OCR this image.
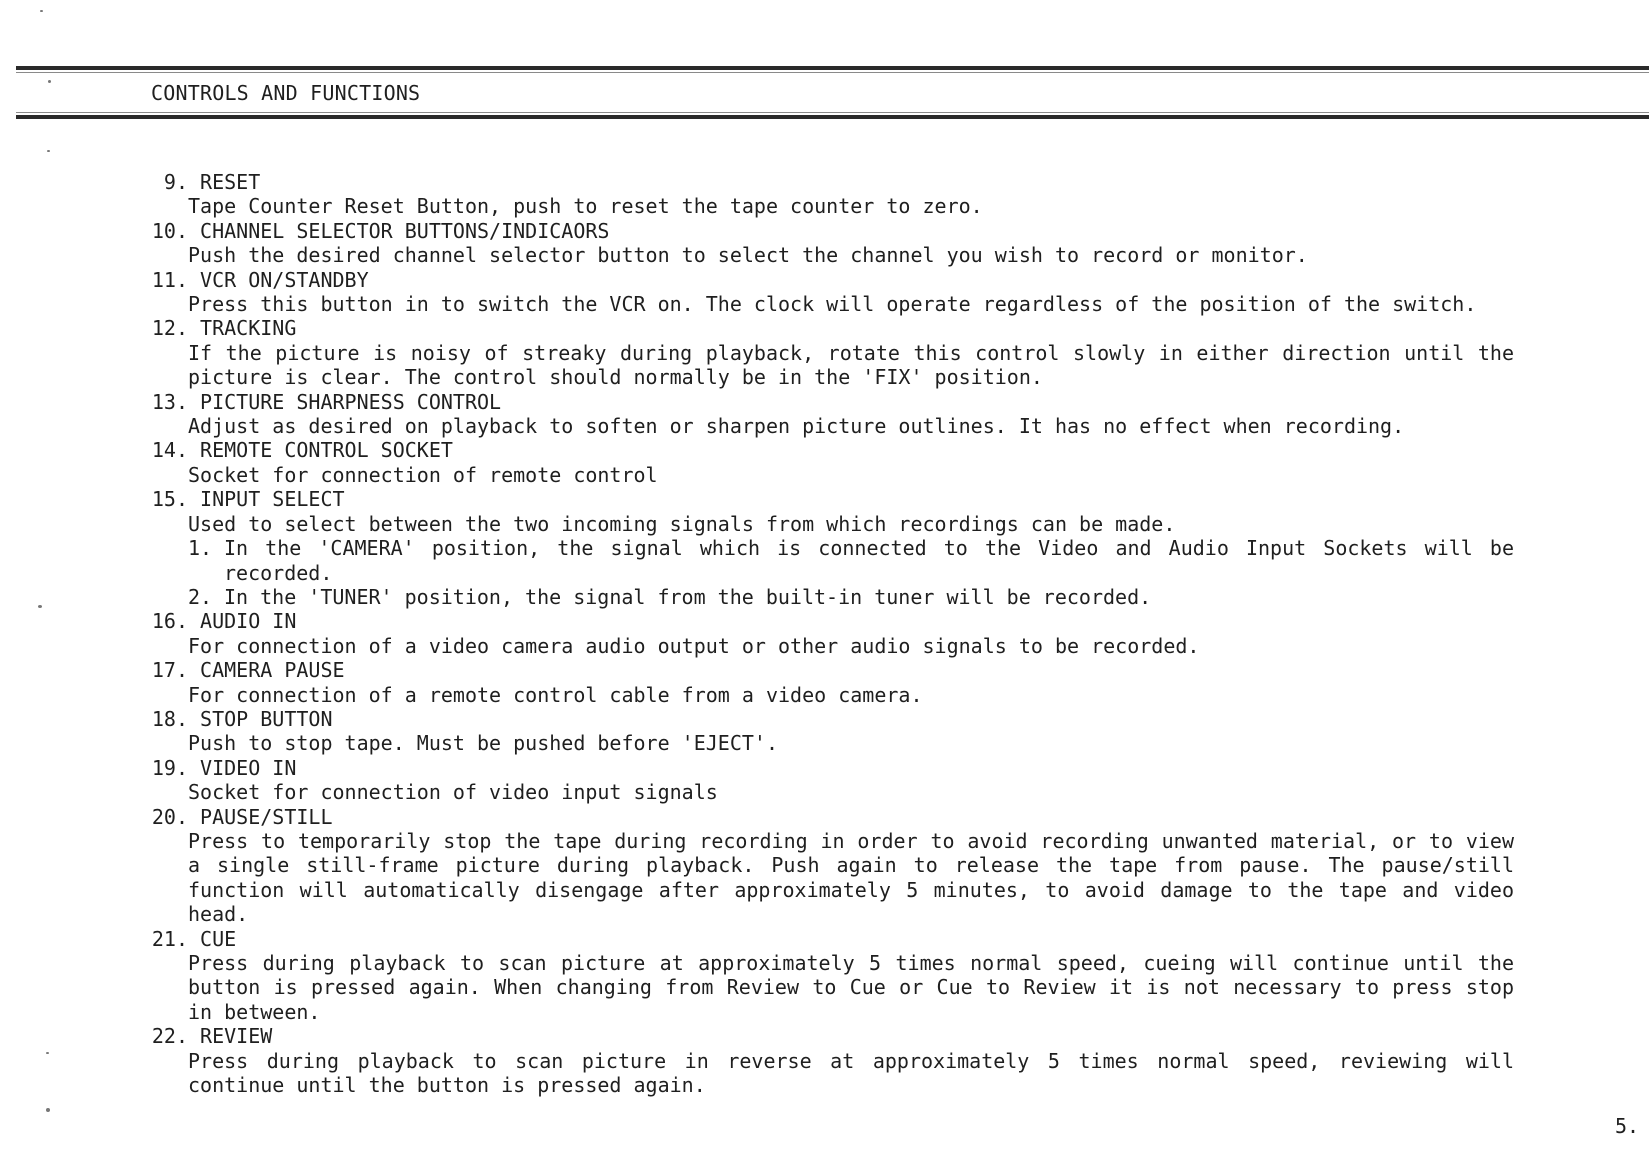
CONTROLS AND FUNCTIONS
9.
RESET
Tape Counter Reset Button, push to reset the tape counter to zero.
10.
CHANNEL SELECTOR BUTTONS/INDICAORS
Push the desired channel selector button to select the channel you wish to record or monitor.
11.
VCR ON/STANDBY
Press this button in to switch the VCR on. The clock will operate regardless of the position of the switch.
12.
TRACKING
If the picture is noisy of streaky during playback, rotate this control slowly in either direction until the picture is clear. The control should normally be in the 'FIX' position.
13.
PICTURE SHARPNESS CONTROL
Adjust as desired on playback to soften or sharpen picture outlines. It has no effect when recording.
14.
REMOTE CONTROL SOCKET
Socket for connection of remote control
15.
INPUT SELECT
Used to select between the two incoming signals from which recordings can be made.
1. In the 'CAMERA' position, the signal which is connected to the Video and Audio Input Sockets will be recorded.
2. In the 'TUNER' position, the signal from the built-in tuner will be recorded.
16.
AUDIO IN
For connection of a video camera audio output or other audio signals to be recorded.
17.
CAMERA PAUSE
For connection of a remote control cable from a video camera.
18.
STOP BUTTON
Push to stop tape. Must be pushed before 'EJECT'.
19.
VIDEO IN
Socket for connection of video input signals
20.
PAUSE/STILL
Press to temporarily stop the tape during recording in order to avoid recording unwanted material, or to view a single still-frame picture during playback. Push again to release the tape from pause. The pause/still function will automatically disengage after approximately 5 minutes, to avoid damage to the tape and video head.
21.
CUE
Press during playback to scan picture at approximately 5 times normal speed, cueing will continue until the button is pressed again. When changing from Review to Cue or Cue to Review it is not necessary to press stop in between.
22.
REVIEW
Press during playback to scan picture in reverse at approximately 5 times normal speed, reviewing will continue until the button is pressed again.
5.
